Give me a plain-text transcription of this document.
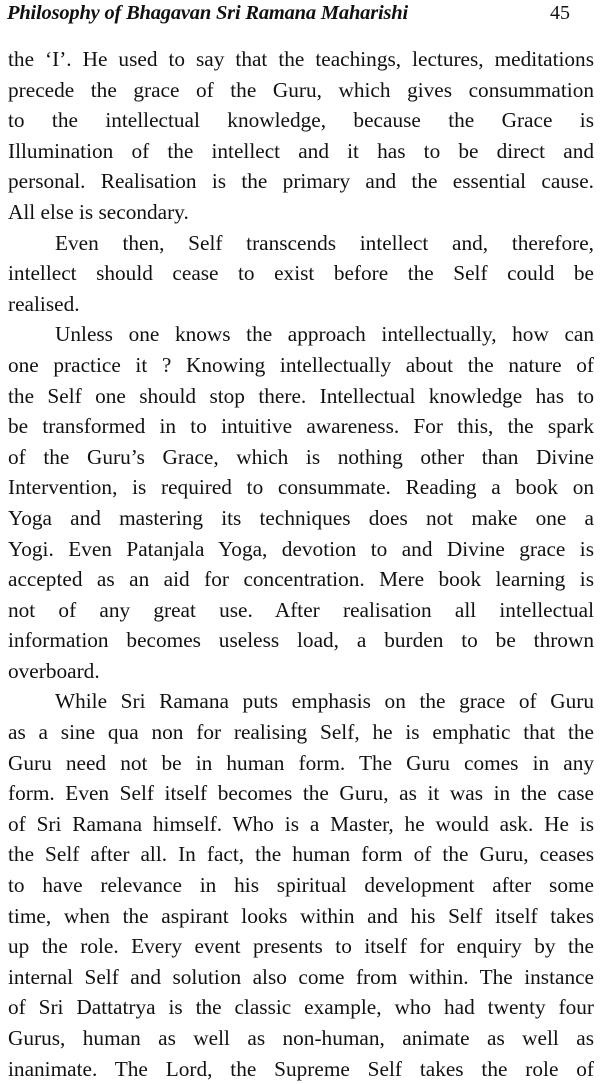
Philosophy of Bhagavan Sri Ramana Maharishi	45
the ‘I’. He used to say that the teachings, lectures, meditations
precede the grace of the Guru, which gives consummation
to the intellectual knowledge, because the Grace is
Illumination of the intellect and it has to be direct and
personal. Realisation is the primary and the essential cause.
All else is secondary.
Even then, Self transcends intellect and, therefore,
intellect should cease to exist before the Self could be
realised.
Unless one knows the approach intellectually, how can
one practice it ? Knowing intellectually about the nature of
the Self one should stop there. Intellectual knowledge has to
be transformed in to intuitive awareness. For this, the spark
of the Guru’s Grace, which is nothing other than Divine
Intervention, is required to consummate. Reading a book on
Yoga and mastering its techniques does not make one a
Yogi. Even Patanjala Yoga, devotion to and Divine grace is
accepted as an aid for concentration. Mere book learning is
not of any great use. After realisation all intellectual
information becomes useless load, a burden to be thrown
overboard.
While Sri Ramana puts emphasis on the grace of Guru
as a sine qua non for realising Self, he is emphatic that the
Guru need not be in human form. The Guru comes in any
form. Even Self itself becomes the Guru, as it was in the case
of Sri Ramana himself. Who is a Master, he would ask. He is
the Self after all. In fact, the human form of the Guru, ceases
to have relevance in his spiritual development after some
time, when the aspirant looks within and his Self itself takes
up the role. Every event presents to itself for enquiry by the
internal Self and solution also come from within. The instance
of Sri Dattatrya is the classic example, who had twenty four
Gurus, human as well as non-human, animate as well as
inanimate. The Lord, the Supreme Self takes the role of
